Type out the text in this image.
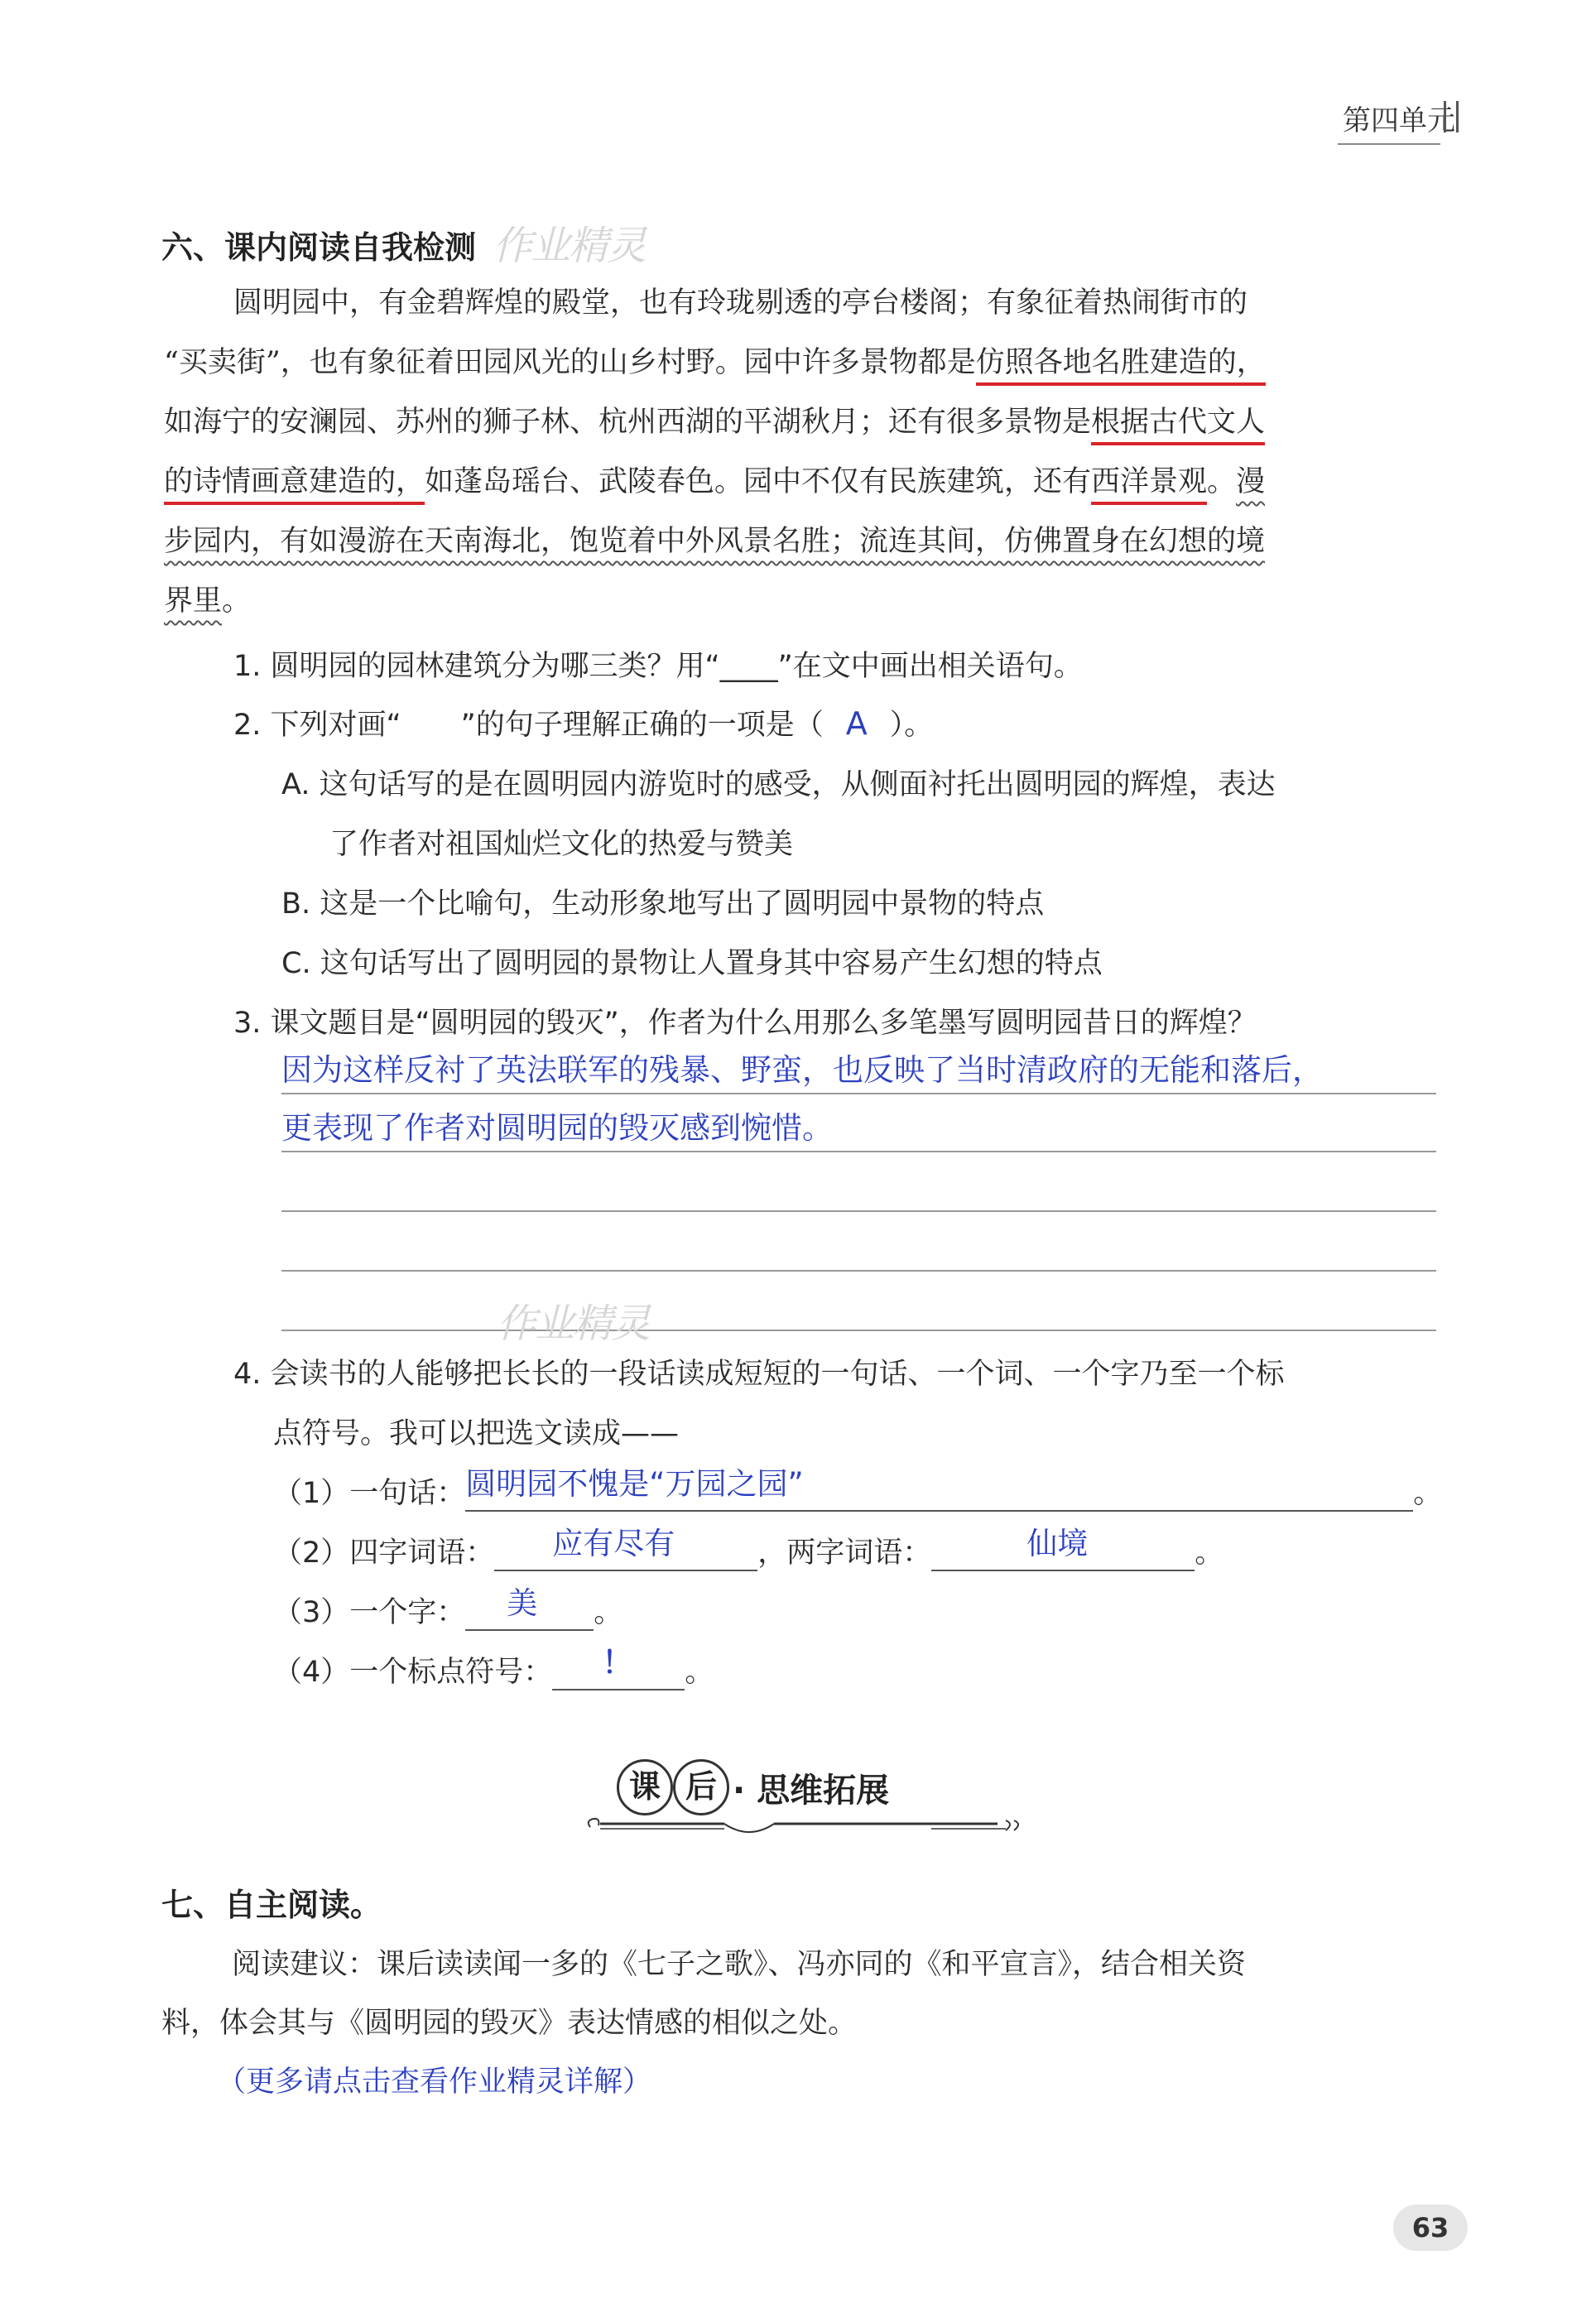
第四单元
六、课内阅读自我检测 作业精灵
圆明园中，有金碧辉煌的殿堂，也有玲珑剔透的亭台楼阁；有象征着热闹街市的
“买卖街”，也有象征着田园风光的山乡村野。园中许多景物都是仿照各地名胜建造的，
如海宁的安澜园、苏州的狮子林、杭州西湖的平湖秋月；还有很多景物是根据古代文人
的诗情画意建造的，如蓬岛瑶台、武陵春色。园中不仅有民族建筑，还有西洋景观。漫
步园内，有如漫游在天南海北，饱览着中外风景名胜；流连其间，仿佛置身在幻想的境
界里。
1. 圆明园的园林建筑分为哪三类？用“____”在文中画出相关语句。
2. 下列对画“ ”的句子理解正确的一项是（ A ）。
A. 这句话写的是在圆明园内游览时的感受，从侧面衬托出圆明园的辉煌，表达
了作者对祖国灿烂文化的热爱与赞美
B. 这是一个比喻句，生动形象地写出了圆明园中景物的特点
C. 这句话写出了圆明园的景物让人置身其中容易产生幻想的特点
3. 课文题目是“圆明园的毁灭”，作者为什么用那么多笔墨写圆明园昔日的辉煌？
因为这样反衬了英法联军的残暴、野蛮，也反映了当时清政府的无能和落后，
更表现了作者对圆明园的毁灭感到惋惜。
作业精灵
4. 会读书的人能够把长长的一段话读成短短的一句话、一个词、一个字乃至一个标
点符号。我可以把选文读成——
（1）一句话： 圆明园不愧是“万园之园”	。
（2）四字词语： 应有尽有	，两字词语：	仙境	。
（3）一个字： 美 。
（4）一个标点符号： ！ 。
课 后 · 思维拓展
七、自主阅读。
阅读建议：课后读读闻一多的《七子之歌》、冯亦同的《和平宣言》，结合相关资
料，体会其与《圆明园的毁灭》表达情感的相似之处。
（更多请点击查看作业精灵详解）
63
